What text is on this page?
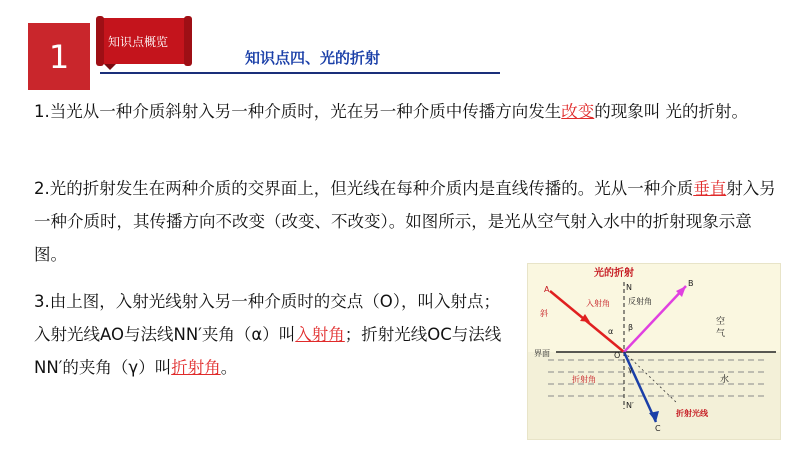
1	知识点概览
知识点四、光的折射
1.当光从一种介质斜射入另一种介质时，光在另一种介质中传播方向发生改变的现象叫 光的折射。
2.光的折射发生在两种介质的交界面上，但光线在每种介质内是直线传播的。光从一种介质垂直射入另一种介质时，其传播方向不改变（改变、不改变）。如图所示，是光从空气射入水中的折射现象示意图。
3.由上图，入射光线射入另一种介质时的交点（O），叫入射点；入射光线AO与法线NN′夹角（α）叫入射角；折射光线OC与法线NN′的夹角（γ）叫折射角。
光的折射
A
B
C
N
N′
O
入射角 反射角
斜
α β
γ
空
气
界面
水
折射角
折射光线
